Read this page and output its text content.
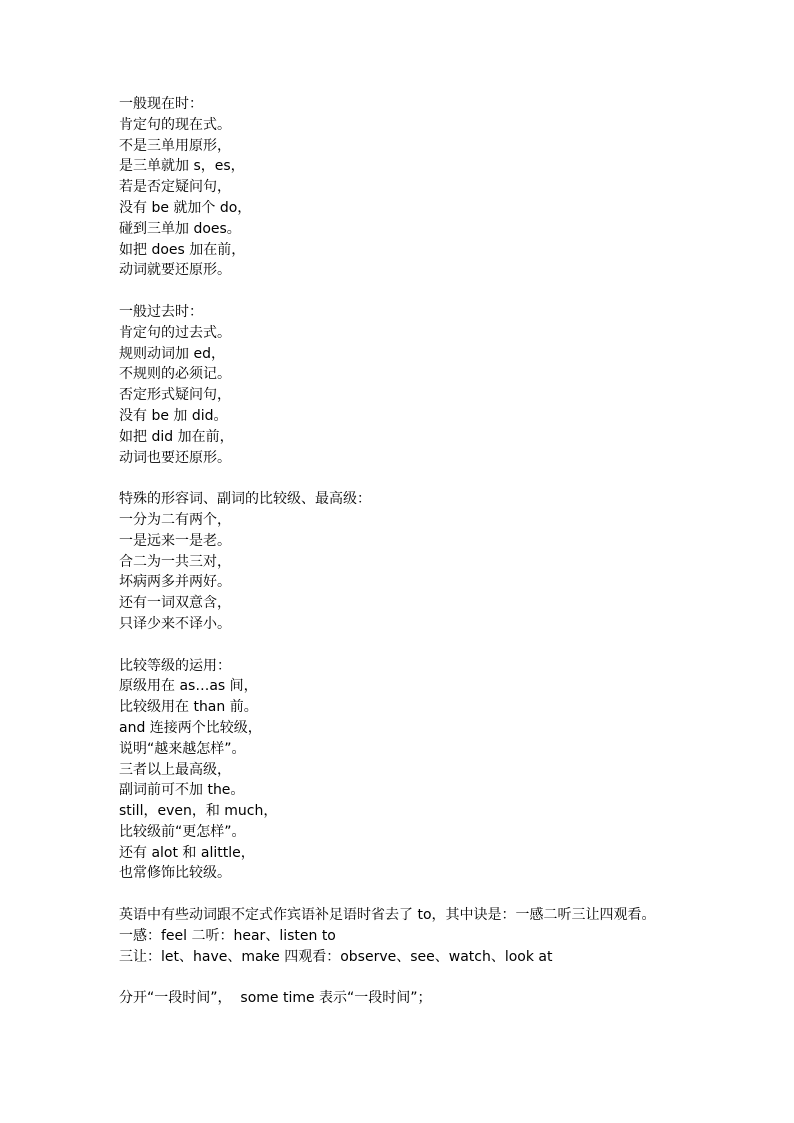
一般现在时：
肯定句的现在式。
不是三单用原形，
是三单就加 s，es，
若是否定疑问句，
没有 be 就加个 do，
碰到三单加 does。
如把 does 加在前，
动词就要还原形。
一般过去时：
肯定句的过去式。
规则动词加 ed，
不规则的必须记。
否定形式疑问句，
没有 be 加 did。
如把 did 加在前，
动词也要还原形。
特殊的形容词、副词的比较级、最高级：
一分为二有两个，
一是远来一是老。
合二为一共三对，
坏病两多并两好。
还有一词双意含，
只译少来不译小。
比较等级的运用：
原级用在 as…as 间，
比较级用在 than 前。
and 连接两个比较级，
说明“越来越怎样”。
三者以上最高级，
副词前可不加 the。
still，even，和 much，
比较级前“更怎样”。
还有 alot 和 alittle，
也常修饰比较级。
英语中有些动词跟不定式作宾语补足语时省去了 to，其中诀是：一感二听三让四观看。
一感：feel 二听：hear、listen to
三让：let、have、make 四观看：observe、see、watch、look at
分开“一段时间”，  some time 表示“一段时间”；
